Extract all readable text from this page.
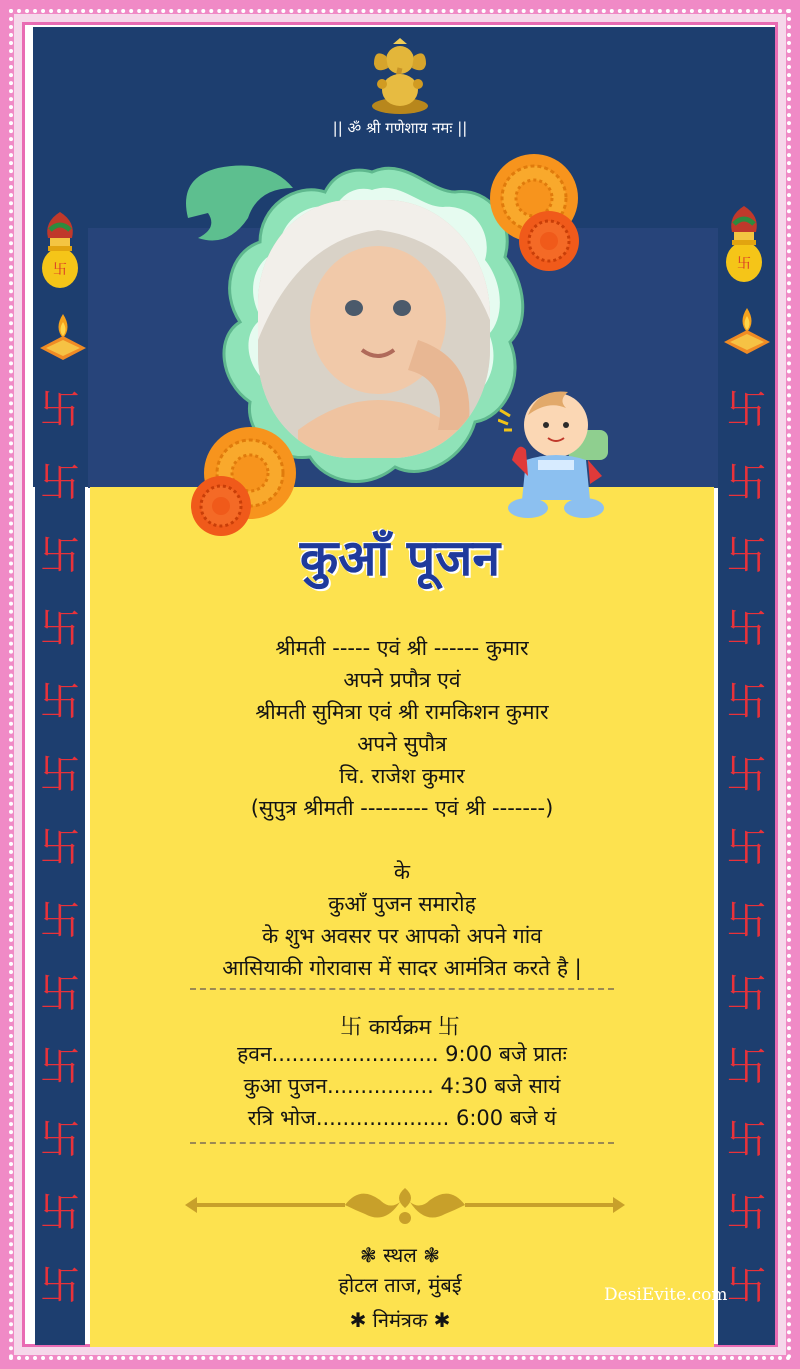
卐
卐
卐
卐
卐
卐
卐
卐
卐
卐
卐
卐
卐
卐
卐
卐
卐
卐
卐
卐
卐
卐
卐
卐
卐
卐
|| ॐ श्री गणेशाय नमः ||
卐	卐
कुआँ पूजन
श्रीमती ----- एवं श्री ------ कुमार
अपने प्रपौत्र एवं
श्रीमती सुमित्रा एवं श्री रामकिशन कुमार
अपने सुपौत्र
चि. राजेश कुमार
(सुपुत्र श्रीमती --------- एवं श्री -------)
के
कुआँ पुजन समारोह
के शुभ अवसर पर आपको अपने गांव
आसियाकी गोरावास में सादर आमंत्रित करते है |
卐 कार्यक्रम 卐
हवन......................... 9:00 बजे प्रातः
कुआ पुजन................ 4:30 बजे सायं
रत्रि भोज.................... 6:00 बजे यं
❃ स्थल ❃
होटल ताज, मुंबई
✱ निमंत्रक ✱
DesiEvite.com
